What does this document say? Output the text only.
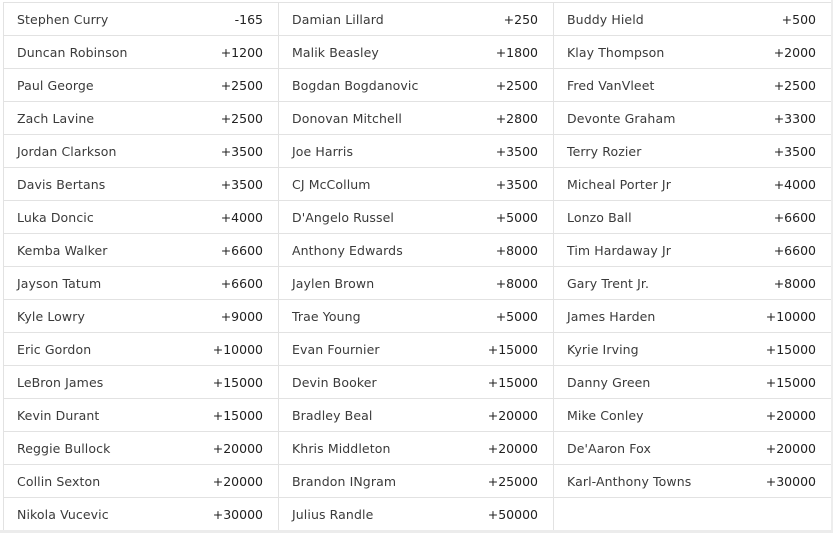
Stephen Curry -165	Damian Lillard +250	Buddy Hield +500

Duncan Robinson +1200	Malik Beasley +1800	Klay Thompson +2000

Paul George +2500	Bogdan Bogdanovic +2500	Fred VanVleet +2500

Zach Lavine +2500	Donovan Mitchell +2800	Devonte Graham +3300

Jordan Clarkson +3500	Joe Harris +3500	Terry Rozier +3500

Davis Bertans +3500	CJ McCollum +3500	Micheal Porter Jr +4000

Luka Doncic +4000	D'Angelo Russel +5000	Lonzo Ball +6600

Kemba Walker +6600	Anthony Edwards +8000	Tim Hardaway Jr +6600

Jayson Tatum +6600	Jaylen Brown +8000	Gary Trent Jr. +8000

Kyle Lowry +9000	Trae Young +5000	James Harden +10000

Eric Gordon +10000	Evan Fournier +15000	Kyrie Irving +15000

LeBron James +15000	Devin Booker +15000	Danny Green +15000

Kevin Durant +15000	Bradley Beal +20000	Mike Conley +20000

Reggie Bullock +20000	Khris Middleton +20000	De'Aaron Fox +20000

Collin Sexton +20000	Brandon INgram +25000	Karl-Anthony Towns +30000

Nikola Vucevic +30000	Julius Randle +50000	
